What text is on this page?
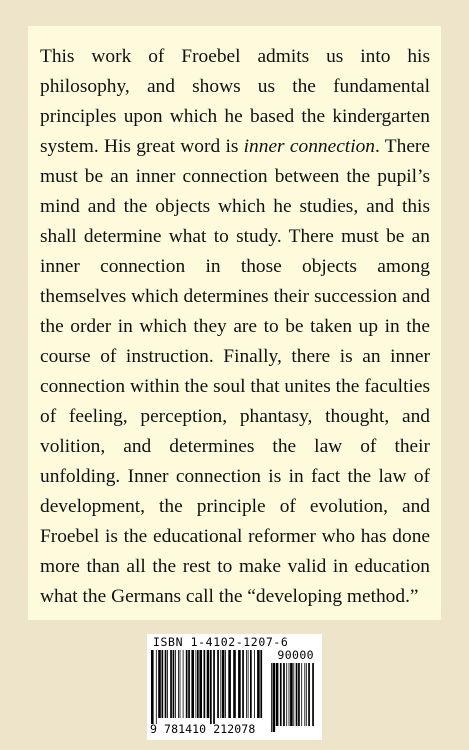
This work of Froebel admits us into his philosophy, and shows us the fundamental principles upon which he based the kindergarten system. His great word is inner connection. There must be an inner connection between the pupil’s mind and the objects which he studies, and this shall determine what to study. There must be an inner connection in those objects among themselves which determines their succession and the order in which they are to be taken up in the course of instruction. Finally, there is an inner connection within the soul that unites the faculties of feeling, perception, phantasy, thought, and volition, and determines the law of their unfolding. Inner connection is in fact the law of development, the principle of evolution, and Froebel is the educational reformer who has done more than all the rest to make valid in education what the Germans call the “developing method.”

ISBN 1-4102-1207-6
90000
9 781410 212078
